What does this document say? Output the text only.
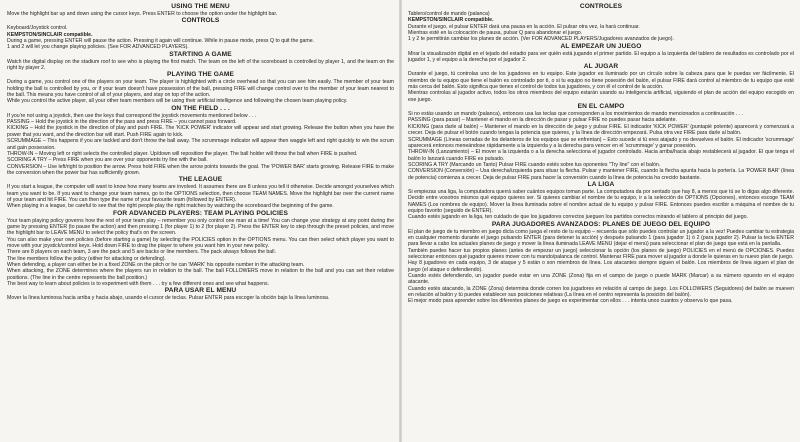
USING THE MENU

Move the highlight bar up and down using the cursor keys. Press ENTER to choose the option under the highlight bar.

CONTROLS

Keyboard/Joystick control.

KEMPSTON/SINCLAIR compatible.

During a game, pressing ENTER will pause the action. Pressing it again will continue. While in pause mode, press Q to quit the game.

1 and 2 will let you change playing policies. (See FOR ADVANCED PLAYERS).

STARTING A GAME

Watch the digital display on the stadium roof to see who is playing the first match. The team on the left of the scoreboard is controlled by player 1, and the team on the right by player 2.

PLAYING THE GAME

During a game, you control one of the players on your team. The player is highlighted with a circle overhead so that you can see him easily. The member of your team holding the ball is controlled by you, or if your team doesn't have possession of the ball, pressing FIRE will change control over to the member of your team nearest to the ball. This means you have control of all of your players, and stay on top of the action.

While you control the active player, all your other team members will be using their artificial intelligence and following the chosen team playing policy.

ON THE FIELD . . .

If you're not using a joystick, then use the keys that correspond the joystick movements mentioned below . . .

PASSING – Hold the joystick in the direction of the pass and press FIRE – you cannot pass forward.

KICKING – Hold the joystick in the direction of play and push FIRE. The 'KICK POWER' indicator will appear and start growing. Release the button when you have the power that you want, and the direction bar will start. Push FIRE again to kick.

SCRUMMAGE – This happens if you are tackled and don't throw the ball away. The scrummage indicator will appear then waggle left and right quickly to win the scrum and gain possession.

THROW-IN – Moving left or right selects the controlled player. Up/down will reposition the player. The ball holder will throw the ball when FIRE is pushed.

SCORING A TRY – Press FIRE when you are over your opponents try line with the ball.

CONVERSION – Use left/right to position the arrow. Press hold FIRE when the arrow points towards the goal. The 'POWER BAR' starts growing. Release FIRE to make the conversion when the power bar has sufficiently grown.

THE LEAGUE

If you start a league, the computer will want to know how many teams are involved. It assumes there are 8 unless you tell it otherwise. Decide amongst yourselves which team you want to be. If you want to change your team names, go to the OPTIONS selection, then choose TEAM NAMES. Move the highlight bar over the current name of your team and hit FIRE. You can then type the name of your favourite team (followed by ENTER).

When playing in a league, be careful to see that the right people play the right matches by watching the scoreboard the beginning of the game.

FOR ADVANCED PLAYERS: TEAM PLAYING POLICIES

Your team playing policy governs how the rest of your team play – remember you only control one man at a time! You can change your strategy at any point during the game by pressing ENTER (to pause the action) and then pressing 1 (for player 1) to 2 (for player 2). Press the ENTER key to step through the preset policies, and move the highlight bar to LEAVE MENU to select the policy that's on the screen.

You can also make your own policies (before starting a game) by selecting the POLICIES option in the OPTIONS menu. You can then select which player you want to move with your joystick/control keys. Hold down FIRE to drag the player to where you want him in your new policy.

There are 8 players on each team, 3 are the pack and 5 are backs or line members. The pack always follows the ball.

The line members follow the policy (either for attacking or defending).

When defending, a player can either be in a fixed ZONE on the pitch or he can 'MARK' his opposite number in the attacking team.

When attacking, the ZONE determines where the players run in relation to the ball. The ball FOLLOWERS move in relation to the ball and you can set their relative positions. (The line in the centre represents the ball position.)

The best way to learn about policies is to experiment with them . . . try a few different ones and see what happens.

PARA USAR EL MENU

Mover la línea luminosa hacia arriba y hacia abajo, usando el cursor de teclas. Pulsar ENTER para escoger la obción bajo la línea luminosa.

CONTROLES

Tablero/control de mando (palanca)

KEMPSTON/SINCLAIR compatible.

Durante el juego, el pulsar ENTER dará una pausa en la acción. El pulsar otra vez, la hará continuar.

Mientras esté en la colocación de pausa, pulsar Q para abandonar el juego.

1 y 2 te permitirán cambiar los planes de acción. (Ver FOR ADVANCED PLAYERS/Jugadores avanzados de juego).

AL EMPEZAR UN JUEGO

Mirar la visualización digital en el tejado del estadio para ver quién está jugando el primer partido. El equipo a la izquierda del tablero de resultados es controlado por el jugador 1, y el equipo a la derecha por el jugador 2.

AL JUGAR

Durante el juego, tú controlas uno de los jugadores en tu equipo. Este jugador es iluminado por un círculo sobre la cabeza para que le puedas ver fácilmente. El miembro de tu equipo que tiene el balón es controlado por ti, o si tu equipo no tiene posesión del balón, el pulsar FIRE dará control al miembro de tu equipo que esté más cerca del balón. Esto significa que tienes el control de todos tus jugadores, y con él el control de la acción.

Mientras controlas al jugador activo, todos los otros miembros del equipo estarán usando su inteligencia artificial, siguiendo el plan de acción del equipo escogido en ese juego.

EN EL CAMPO

Si no estás usando un mando (palanca), entonces usa las teclas que corresponden a los movimientos de mando mencionados a continuación . . .

PASSING (para pasar) – Mantener el mando en la dirección de pasar y pulsar FIRE no puedes pasar hacia adelante.

KICKING (para darle al balón) – Mantener el mando en la dirección de juego y pulsar FIRE. El indicador 'KICK POWER' (puntapié potente) aparecerá y comenzará a crecer. Deja de pulsar el botón cuando tengas la potencia que quieres, y la línea de dirección empezará. Pulsa otra vez FIRE para darle al balón.

SCRUMMAGE (Líneas cerradas de los delanteros de los equipos que se enfrentan) – Esto sucede si tú eres atajado y no devuelves el balón. El indicador 'scrummage' aparecerá entonces meneándose rápidamente a la izquierda y a la derecha para vencer en el 'scrummage' y ganar posesión.

THROW-IN (Lanzamiento) – El mover a la izquierda o a la derecha selecciona el jugador controlado. Hacia arriba/hacia abajo restablecerá al jugador. El que tenga el balón lo lanzará cuando FIRE es pulsado.

SCORING A TRY (Marcando un Tanto) Pulsar FIRE cuando estés sobre tus oponentes "Try line" con el balón.

CONVERSION (Conversión) – Usa derecha/izquierda para situar la flecha. Pulsar y mantener FIRE, cuando la flecha apunta hacia la portería. La 'POWER BAR' (línea de potencia) comienza a crecer. Deja de pulsar FIRE para hacer la conversión cuando la línea de potencia ha crecido bastante.

LA LIGA

Si empiezas una liga, la computadora querrá saber cuántos equipos toman parte. La computadora da por sentado que hay 8, a menos que tú se lo digas algo diferente. Decidir entre vosotros mismos qué equipo quieres ser. Si quieres cambiar el nombre de tu equipo, ir a la selección de OPTIONS (Opciones), entonces escoge TEAM NAMES (Los nombres de equipo). Mover la línea iluminada sobre el nombre actual de tu equipo y pulsar FIRE. Entonces puedes escribir a máquina el nombre de tu equipo favorito (seguido de ENTER).

Cuando estés jugando en la liga, ten cuidado de que los jugadores correctos jueguen los partidos correctos mirando el tablero al principio del juego.

PARA JUGADORES AVANZADOS: PLANES DE JUEGO DEL EQUIPO

El plan de juego de tu miembro en juego dicta como juega el resto de tu equipo – recuerda que sólo puedes controlar un jugador a la vez! Puedes cambiar tu estrategia en cualquier momento durante el juego pulsando ENTER (para detener la acción) y después pulsando 1 (para jugador 1) ó 2 (para jugador 2). Pulsar la tecla ENTER para llevar a cabo los actuales planes de juego y mover la línea iluminada LEAVE MENU (dejar el menú) para seleccionar el plan de juego que está en la pantalla.

También puedes hacer tus propios planes (antes de empezar un juego) seleccionar la opción (los planes de juego) POLICIES en el menú de OPCIONES. Puedes seleccionar entonces qué jugador quieres mover con tu mando/palanca de control. Mantenar FIRE para mover al jugador a donde le quieras en tu nuevo plan de juego.

Hay 8 jugadores en cada equipo, 3 de ataque y 5 están o son miembros de línea. Los atacantes siempre siguen el balón. Los miembros de línea siguen el plan de juego (el ataque o defendiendo).

Cuando estés defendiendo, un jugador puede estar en una ZONE (Zona) fija en el campo de juego o puede MARK (Marcar) a su número opuesto en el equipo atacante.

Cuando estés atacando, la ZONE (Zona) determina donde corren los jugadores en relación al campo de juego. Los FOLLOWERS (Seguidores) del balón se mueven en relación al balón y tú puedes establecer sus posiciones relativas (La línea en el centro representa la posición del balón).

El mejor modo para aprender sobre los diferentes planes de juego es experimentar con ellos . . . intenta unos cuantos y observa lo que pasa.
